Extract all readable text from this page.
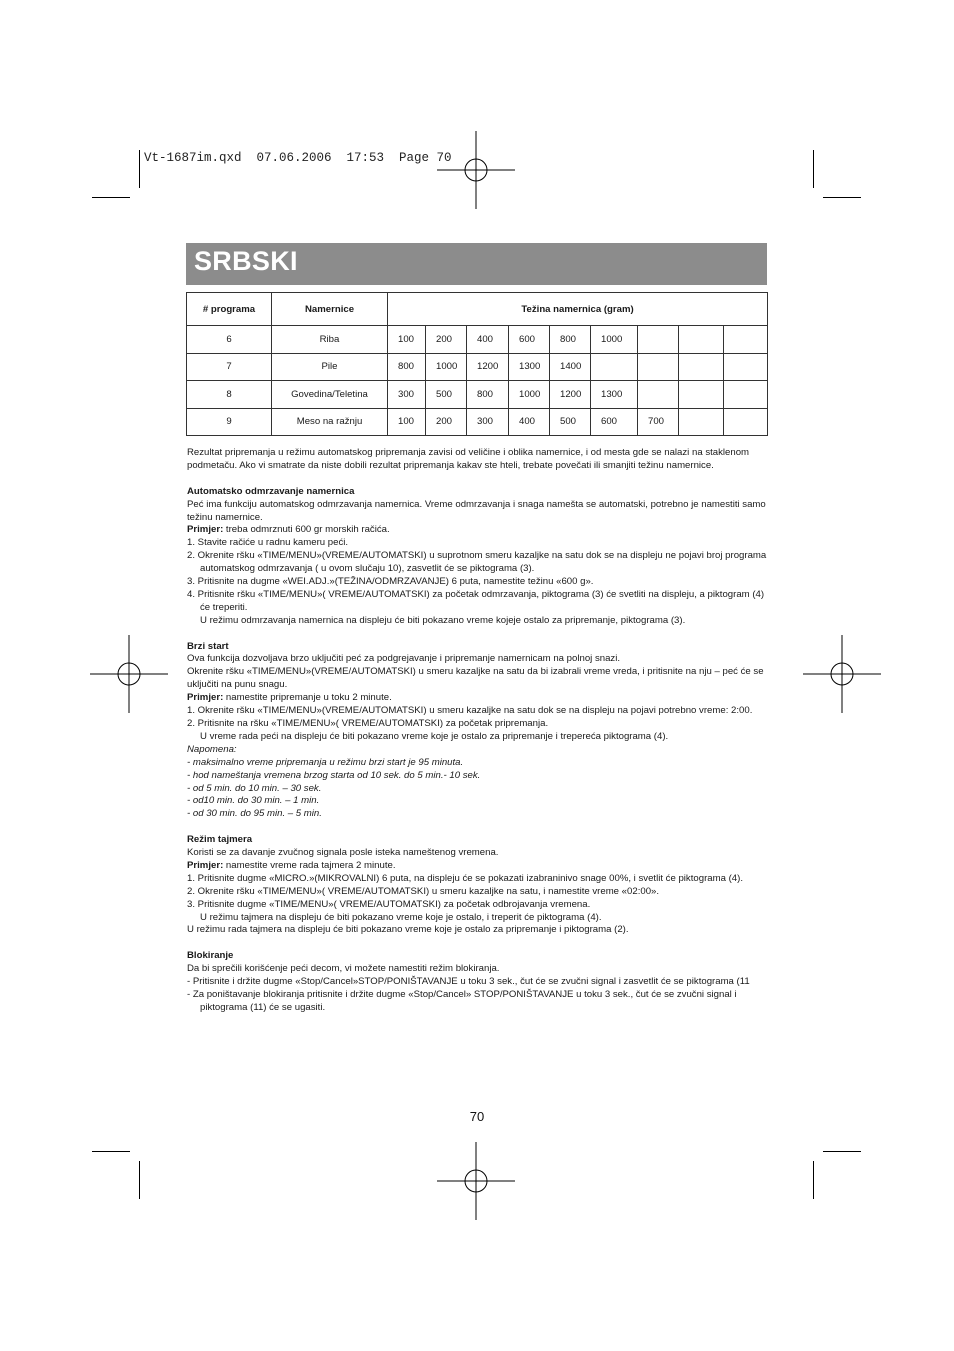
Vt-1687im.qxd  07.06.2006  17:53  Page 70
SRBSKI
# programa	Namernice	Težina namernica (gram)								
6	Riba	100	200	400	600	800	1000			
7	Pile	800	1000	1200	1300	1400				
8	Govedina/Teletina	300	500	800	1000	1200	1300			
9	Meso na ražnju	100	200	300	400	500	600	700		

Rezultat pripremanja u režimu automatskog pripremanja zavisi od veličine i oblika namernice, i od mesta gde se nalazi na staklenom podmetaču. Ako vi smatrate da niste dobili rezultat pripremanja kakav ste hteli, trebate povečati ili smanjiti težinu namernice.

Automatsko odmrzavanje namernica

Peć ima funkciju automatskog odmrzavanja namernica. Vreme odmrzavanja i snaga namešta se automatski, potrebno je namestiti samo težinu namernice.

Primjer: treba odmrznuti 600 gr morskih račića.

1. Stavite račiće u radnu kameru peći.

2. Okrenite ršku «TIME/MENU»(VREME/AUTOMATSKI) u suprotnom smeru kazaljke na satu dok se na displeju ne pojavi broj programa automatskog odmrzavanja ( u ovom slučaju 10), zasvetlit će se piktograma (3).

3. Pritisnite na dugme «WEI.ADJ.»(TEŽINA/ODMRZAVANJE) 6 puta, namestite težinu «600 g».

4. Pritisnite ršku «TIME/MENU»( VREME/AUTOMATSKI) za početak odmrzavanja, piktograma (3) će svetliti na displeju, a piktogram (4) će treperiti.

U režimu odmrzavanja namernica na displeju će biti pokazano vreme kojeje ostalo za pripremanje, piktograma (3).

Brzi start

Ova funkcija dozvoljava brzo uključiti peć za podgrejavanje i pripremanje namernicam na polnoj snazi.

Okrenite ršku «TIME/MENU»(VREME/AUTOMATSKI) u smeru kazaljke na satu da bi izabrali vreme vreda, i pritisnite na nju – peć će se uključiti na punu snagu.

Primjer: namestite pripremanje u toku 2 minute.

1. Okrenite ršku «TIME/MENU»(VREME/AUTOMATSKI) u smeru kazaljke na satu dok se na displeju na pojavi potrebno vreme: 2:00.

2. Pritisnite na ršku «TIME/MENU»( VREME/AUTOMATSKI) za početak pripremanja.

U vreme rada peći na displeju će biti pokazano vreme koje je ostalo za pripremanje i trepereća piktograma (4).

Napomena:

- maksimalno vreme pripremanja u režimu brzi start je 95 minuta.

- hod nameštanja vremena brzog starta od 10 sek. do 5 min.- 10 sek.

- od 5 min. do 10 min. – 30 sek.

- od10 min. do 30 min. – 1 min.

- od 30 min. do 95 min. – 5 min.

Režim tajmera

Koristi se za davanje zvučnog signala posle isteka nameštenog vremena.

Primjer: namestite vreme rada tajmera 2 minute.

1. Pritisnite dugme «MICRO.»(MIKROVALNI) 6 puta, na displeju će se pokazati izabraninivo snage 00%, i svetlit će piktograma (4).

2. Okrenite ršku «TIME/MENU»( VREME/AUTOMATSKI) u smeru kazaljke na satu, i namestite vreme «02:00».

3. Pritisnite dugme «TIME/MENU»( VREME/AUTOMATSKI) za početak odbrojavanja vremena.

U režimu tajmera na displeju će biti pokazano vreme koje je ostalo, i treperit će piktograma (4).

U režimu rada tajmera na displeju će biti pokazano vreme koje je ostalo za pripremanje i piktograma (2).

Blokiranje

Da bi sprečili korišćenje peći decom, vi možete namestiti režim blokiranja.

- Pritisnite i držite dugme «Stop/Cancel»STOP/PONIŠTAVANJE u toku 3 sek., čut će se zvučni signal i zasvetlit će se piktograma (11

- Za poništavanje blokiranja pritisnite i držite dugme «Stop/Cancel» STOP/PONIŠTAVANJE u toku 3 sek., čut će se zvučni signal i piktograma (11) će se ugasiti.

70
